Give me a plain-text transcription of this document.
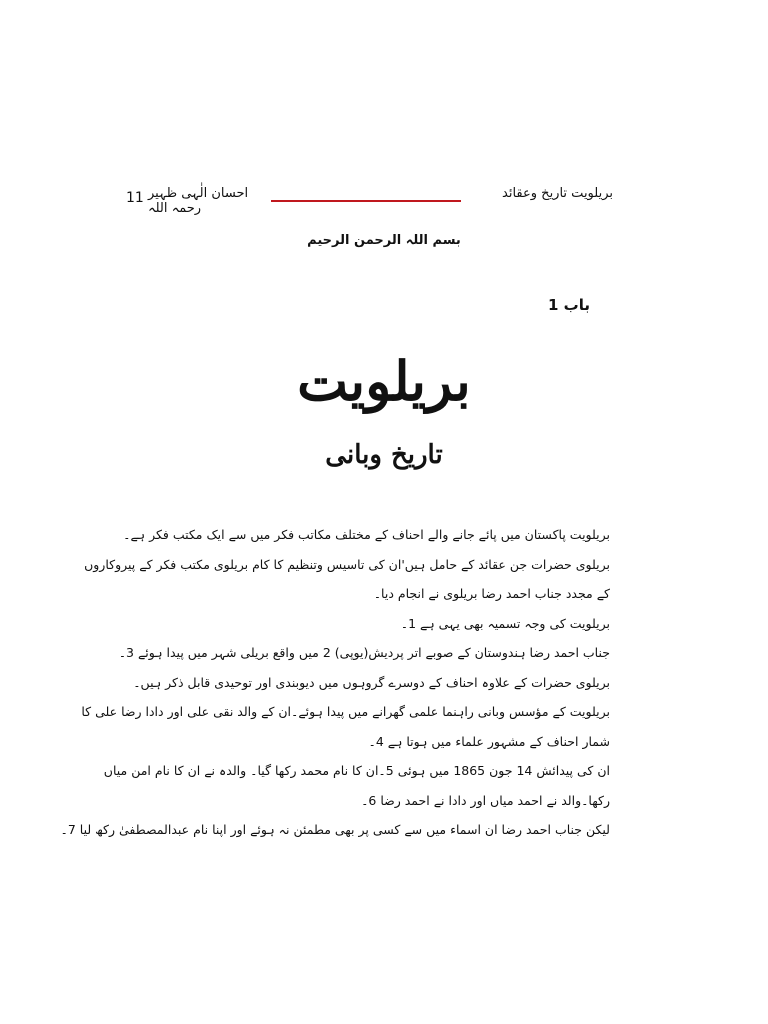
11 احسان الٰہی ظہیر رحمہ اللہ
بریلویت تاریخ وعقائد
بسم اللہ الرحمن الرحیم
باب 1
بریلویت
تاریخ وبانی
بریلویت پاکستان میں پائے جانے والے احناف کے مختلف مکاتب فکر میں سے ایک مکتب فکر ہے۔
بریلوی حضرات جن عقائد کے حامل ہیں'ان کی تاسیس وتنظیم کا کام بریلوی مکتب فکر کے پیروکاروں
کے مجدد جناب احمد رضا بریلوی نے انجام دیا۔
بریلویت کی وجہ تسمیہ بھی یہی ہے 1۔
جناب احمد رضا ہندوستان کے صوبے اتر پردیش(یوپی) 2 میں واقع بریلی شہر میں پیدا ہوئے 3۔
بریلوی حضرات کے علاوہ احناف کے دوسرے گروہوں میں دیوبندی اور توحیدی قابل ذکر ہیں۔
بریلویت کے مؤسس وبانی راہنما علمی گھرانے میں پیدا ہوئے۔ان کے والد نقی علی اور دادا رضا علی کا
شمار احناف کے مشہور علماء میں ہوتا ہے 4۔
ان کی پیدائش 14 جون 1865 میں ہوئی 5۔ان کا نام محمد رکھا گیا۔ والدہ نے ان کا نام امن میاں
رکھا۔والد نے احمد میاں اور دادا نے احمد رضا 6۔
لیکن جناب احمد رضا ان اسماء میں سے کسی پر بھی مطمئن نہ ہوئے اور اپنا نام عبدالمصطفیٰ رکھ لیا 7۔
